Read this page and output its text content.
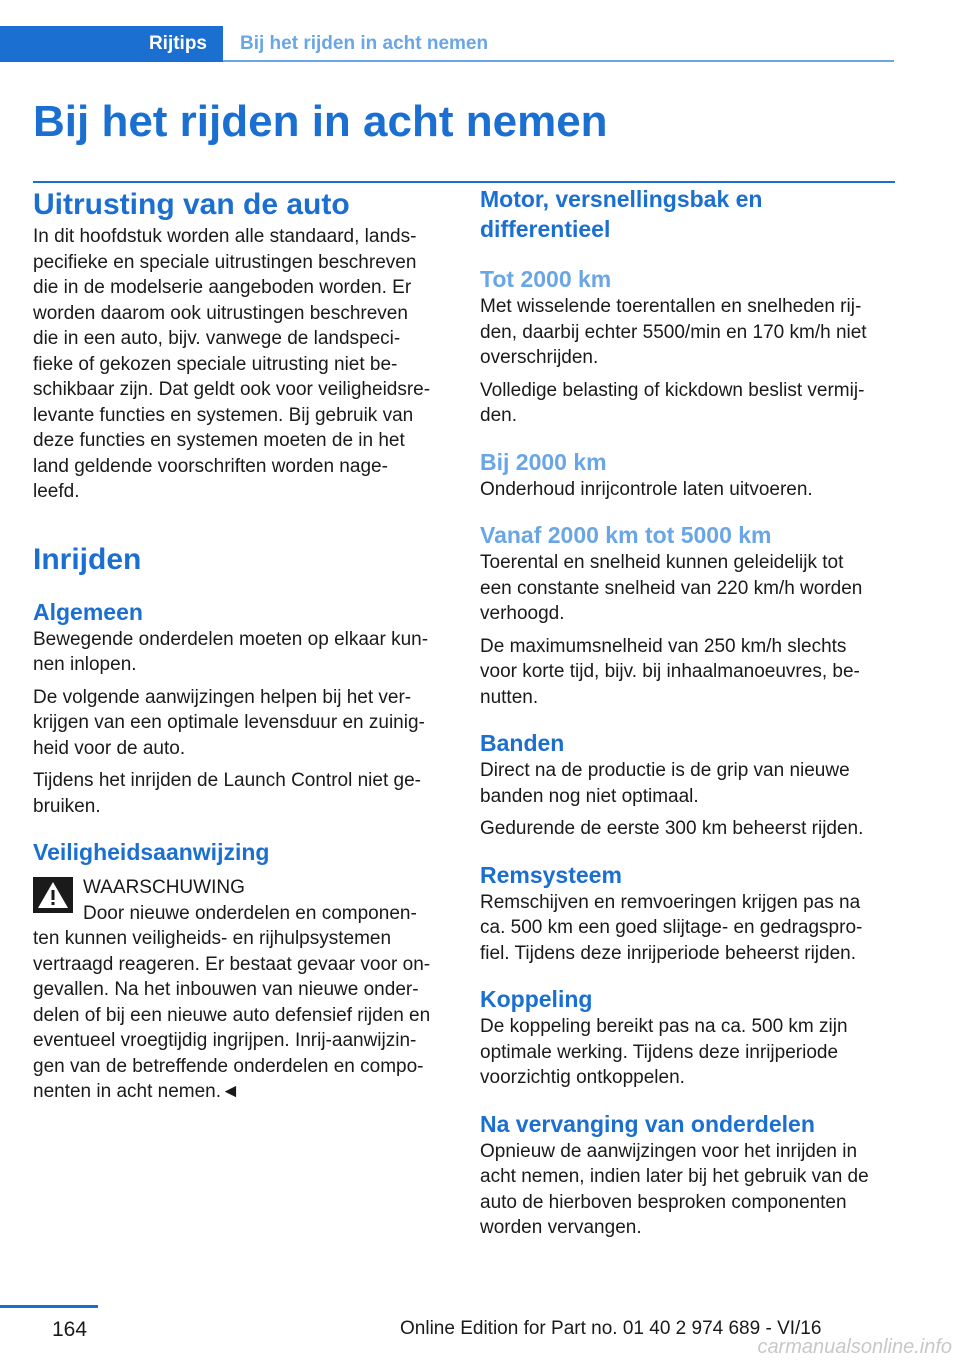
Rijtips	Bij het rijden in acht nemen
Bij het rijden in acht nemen
Uitrusting van de auto
In dit hoofdstuk worden alle standaard, lands-
pecifieke en speciale uitrustingen beschreven
die in de modelserie aangeboden worden. Er
worden daarom ook uitrustingen beschreven
die in een auto, bijv. vanwege de landspeci-
fieke of gekozen speciale uitrusting niet be-
schikbaar zijn. Dat geldt ook voor veiligheidsre-
levante functies en systemen. Bij gebruik van
deze functies en systemen moeten de in het
land geldende voorschriften worden nage-
leefd.
Inrijden
Algemeen
Bewegende onderdelen moeten op elkaar kun-
nen inlopen.
De volgende aanwijzingen helpen bij het ver-
krijgen van een optimale levensduur en zuinig-
heid voor de auto.
Tijdens het inrijden de Launch Control niet ge-
bruiken.
Veiligheidsaanwijzing
WAARSCHUWING
Door nieuwe onderdelen en componen-
ten kunnen veiligheids- en rijhulpsystemen
vertraagd reageren. Er bestaat gevaar voor on-
gevallen. Na het inbouwen van nieuwe onder-
delen of bij een nieuwe auto defensief rijden en
eventueel vroegtijdig ingrijpen. Inrij-aanwijzin-
gen van de betreffende onderdelen en compo-
nenten in acht nemen.◄
Motor, versnellingsbak en differentieel
Tot 2000 km
Met wisselende toerentallen en snelheden rij-
den, daarbij echter 5500/min en 170 km/h niet
overschrijden.
Volledige belasting of kickdown beslist vermij-
den.
Bij 2000 km
Onderhoud inrijcontrole laten uitvoeren.
Vanaf 2000 km tot 5000 km
Toerental en snelheid kunnen geleidelijk tot
een constante snelheid van 220 km/h worden
verhoogd.
De maximumsnelheid van 250 km/h slechts
voor korte tijd, bijv. bij inhaalmanoeuvres, be-
nutten.
Banden
Direct na de productie is de grip van nieuwe
banden nog niet optimaal.
Gedurende de eerste 300 km beheerst rijden.
Remsysteem
Remschijven en remvoeringen krijgen pas na
ca. 500 km een goed slijtage- en gedragspro-
fiel. Tijdens deze inrijperiode beheerst rijden.
Koppeling
De koppeling bereikt pas na ca. 500 km zijn
optimale werking. Tijdens deze inrijperiode
voorzichtig ontkoppelen.
Na vervanging van onderdelen
Opnieuw de aanwijzingen voor het inrijden in
acht nemen, indien later bij het gebruik van de
auto de hierboven besproken componenten
worden vervangen.
164	Online Edition for Part no. 01 40 2 974 689 - VI/16
carmanualsonline.info
